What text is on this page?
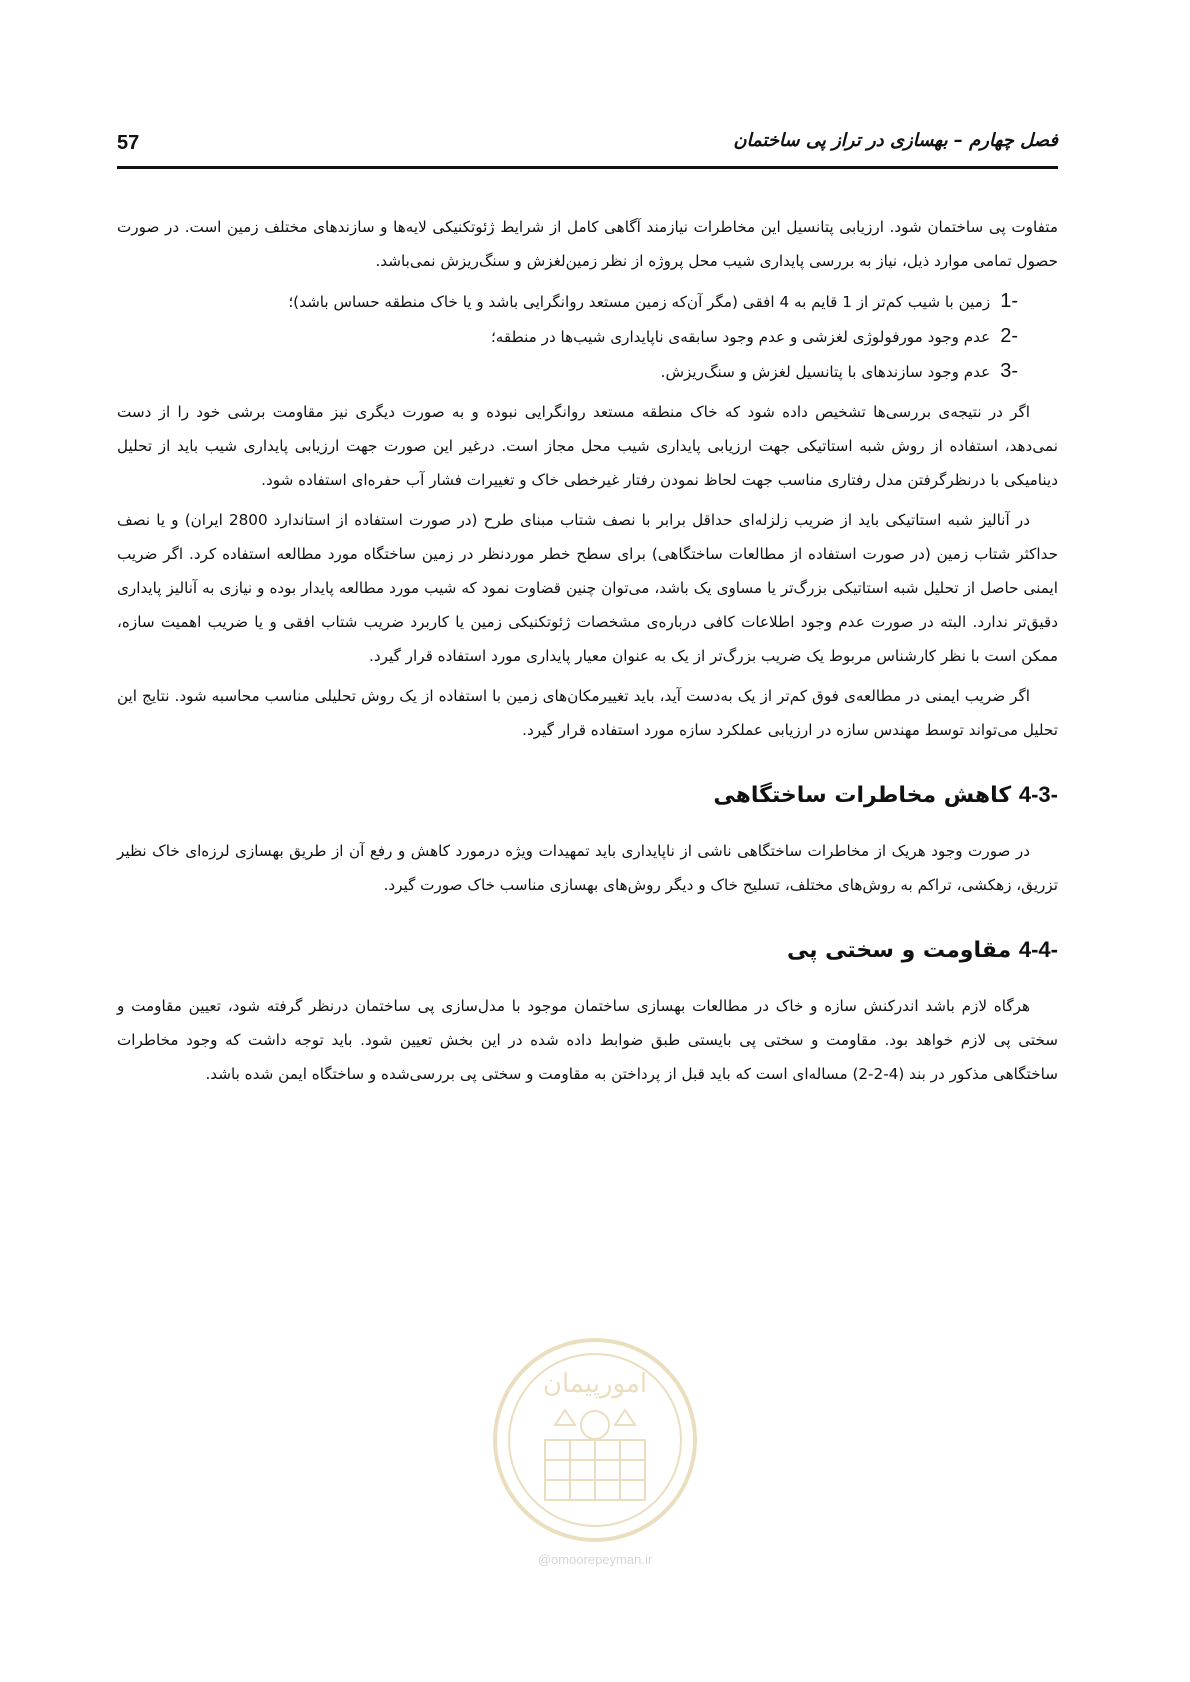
فصل چهارم – بهسازی در تراز پی ساختمان
57

متفاوت پی ساختمان شود. ارزیابی پتانسیل این مخاطرات نیازمند آگاهی کامل از شرایط ژئوتکنیکی لایه‌ها و سازندهای مختلف زمین است. در صورت حصول تمامی موارد ذیل، نیاز به بررسی پایداری شیب محل پروژه از نظر زمین‌لغزش و سنگ‌ریزش نمی‌باشد.

1-
زمین با شیب کم‌تر از 1 قایم به 4 افقی (مگر آن‌که زمین مستعد روانگرایی باشد و یا خاک منطقه حساس باشد)؛
2-
عدم وجود مورفولوژی لغزشی و عدم وجود سابقه‌ی ناپایداری شیب‌ها در منطقه؛
3-
عدم وجود سازندهای با پتانسیل لغزش و سنگ‌ریزش.

اگر در نتیجه‌ی بررسی‌ها تشخیص داده شود که خاک منطقه مستعد روانگرایی نبوده و به صورت دیگری نیز مقاومت برشی خود را از دست نمی‌دهد، استفاده از روش شبه استاتیکی جهت ارزیابی پایداری شیب محل مجاز است. درغیر این صورت جهت ارزیابی پایداری شیب باید از تحلیل دینامیکی با درنظرگرفتن مدل رفتاری مناسب جهت لحاظ نمودن رفتار غیرخطی خاک و تغییرات فشار آب حفره‌ای استفاده شود.

در آنالیز شبه استاتیکی باید از ضریب زلزله‌ای حداقل برابر با نصف شتاب مبنای طرح (در صورت استفاده از استاندارد 2800 ایران) و یا نصف حداکثر شتاب زمین (در صورت استفاده از مطالعات ساختگاهی) برای سطح خطر موردنظر در زمین ساختگاه مورد مطالعه استفاده کرد. اگر ضریب ایمنی حاصل از تحلیل شبه استاتیکی بزرگ‌تر یا مساوی یک باشد، می‌توان چنین قضاوت نمود که شیب مورد مطالعه پایدار بوده و نیازی به آنالیز پایداری دقیق‌تر ندارد. البته در صورت عدم وجود اطلاعات کافی درباره‌ی مشخصات ژئوتکنیکی زمین یا کاربرد ضریب شتاب افقی و یا ضریب اهمیت سازه، ممکن است با نظر کارشناس مربوط یک ضریب بزرگ‌تر از یک به عنوان معیار پایداری مورد استفاده قرار گیرد.

اگر ضریب ایمنی در مطالعه‌ی فوق کم‌تر از یک به‌دست آید، باید تغییرمکان‌های زمین با استفاده از یک روش تحلیلی مناسب محاسبه شود. نتایج این تحلیل می‌تواند توسط مهندس سازه در ارزیابی عملکرد سازه مورد استفاده قرار گیرد.

4-3- کاهش مخاطرات ساختگاهی

در صورت وجود هریک از مخاطرات ساختگاهی ناشی از ناپایداری باید تمهیدات ویژه درمورد کاهش و رفع آن از طریق بهسازی لرزه‌ای خاک نظیر تزریق، زهکشی، تراکم به روش‌های مختلف، تسلیح خاک و دیگر روش‌های بهسازی مناسب خاک صورت گیرد.

4-4- مقاومت و سختی پی

هرگاه لازم باشد اندرکنش سازه و خاک در مطالعات بهسازی ساختمان موجود با مدل‌سازی پی ساختمان درنظر گرفته شود، تعیین مقاومت و سختی پی لازم خواهد بود. مقاومت و سختی پی بایستی طبق ضوابط داده شده در این بخش تعیین شود. باید توجه داشت که وجود مخاطرات ساختگاهی مذکور در بند (4-2-2) مساله‌ای است که باید قبل از پرداختن به مقاومت و سختی پی بررسی‌شده و ساختگاه ایمن شده باشد.

امورپیمان
@omoorepeyman.ir
